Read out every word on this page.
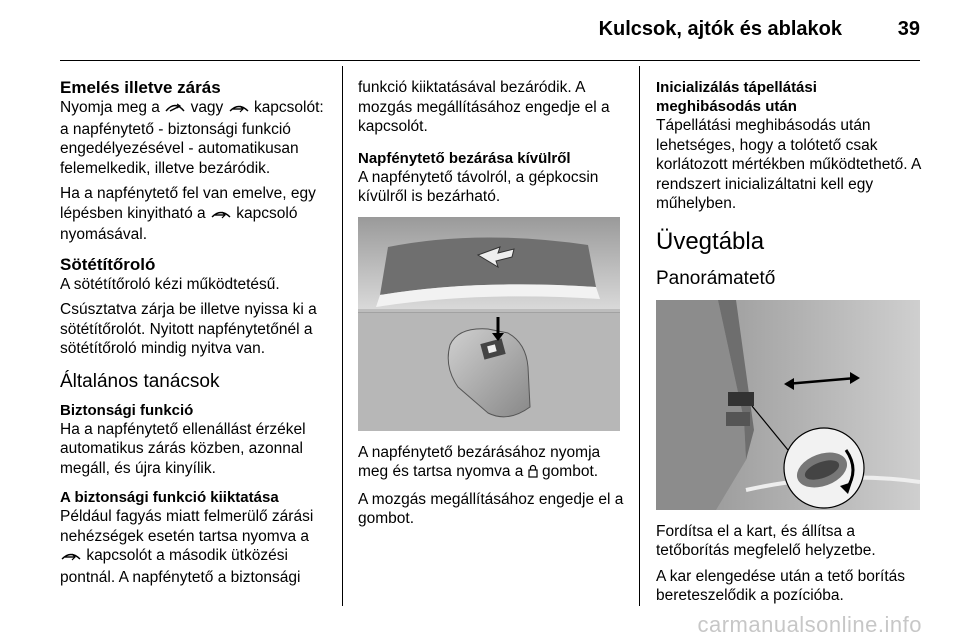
Kulcsok, ajtók és ablakok	39
Emelés illetve zárás

Nyomja meg a vagy kapcsolót: a napfénytető - biztonsági funkció engedélyezésével - automatikusan felemelkedik, illetve bezáródik.

Ha a napfénytető fel van emelve, egy lépésben kinyitható a kapcsoló nyomásával.

Sötétítőroló

A sötétítőroló kézi működtetésű.

Csúsztatva zárja be illetve nyissa ki a sötétítőrolót. Nyitott napfénytetőnél a sötétítőroló mindig nyitva van.

Általános tanácsok
Biztonsági funkció

Ha a napfénytető ellenállást érzékel automatikus zárás közben, azonnal megáll, és újra kinyílik.

A biztonsági funkció kiiktatása

Például fagyás miatt felmerülő zárási nehézségek esetén tartsa nyomva a  kapcsolót a második ütközési pontnál. A napfénytető a biztonsági

funkció kiiktatásával bezáródik. A mozgás megállításához engedje el a kapcsolót.

Napfénytető bezárása kívülről

A napfénytető távolról, a gépkocsin kívülről is bezárható.

A napfénytető bezárásához nyomja meg és tartsa nyomva a gombot.

A mozgás megállításához engedje el a gombot.

Inicializálás tápellátási meghibásodás után

Tápellátási meghibásodás után lehetséges, hogy a tolótető csak korlátozott mértékben működtethető. A rendszert inicializáltatni kell egy műhelyben.

Üvegtábla
Panorámatető

Fordítsa el a kart, és állítsa a tetőborítás megfelelő helyzetbe.

A kar elengedése után a tető borítás bereteszelődik a pozícióba.

carmanualsonline.info
